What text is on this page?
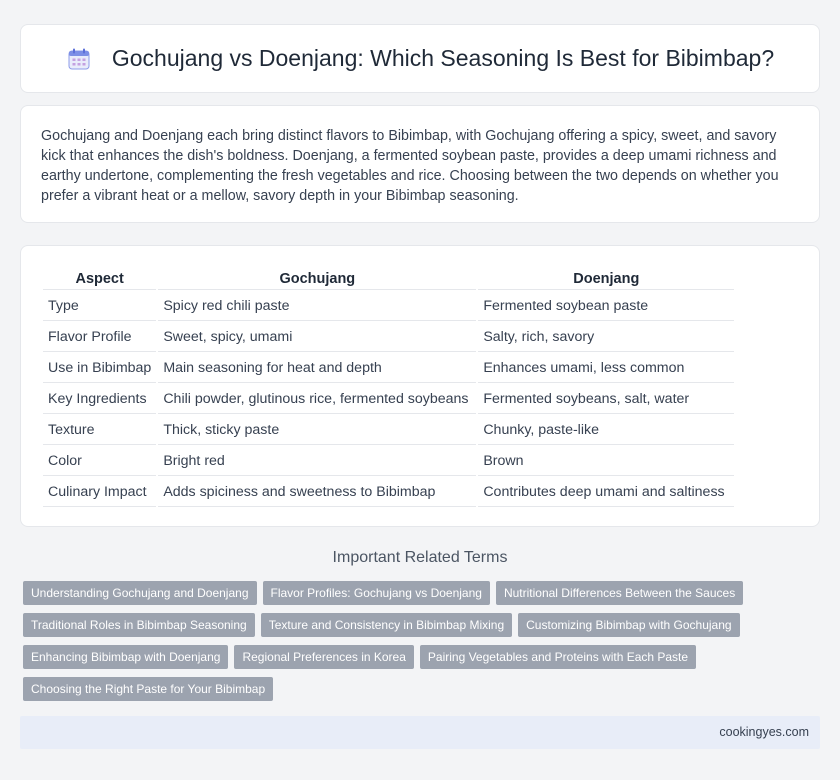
Gochujang vs Doenjang: Which Seasoning Is Best for Bibimbap?

Gochujang and Doenjang each bring distinct flavors to Bibimbap, with Gochujang offering a spicy, sweet, and savory kick that enhances the dish's boldness. Doenjang, a fermented soybean paste, provides a deep umami richness and earthy undertone, complementing the fresh vegetables and rice. Choosing between the two depends on whether you prefer a vibrant heat or a mellow, savory depth in your Bibimbap seasoning.

Aspect	Gochujang	Doenjang
Type	Spicy red chili paste	Fermented soybean paste
Flavor Profile	Sweet, spicy, umami	Salty, rich, savory
Use in Bibimbap	Main seasoning for heat and depth	Enhances umami, less common
Key Ingredients	Chili powder, glutinous rice, fermented soybeans	Fermented soybeans, salt, water
Texture	Thick, sticky paste	Chunky, paste-like
Color	Bright red	Brown
Culinary Impact	Adds spiciness and sweetness to Bibimbap	Contributes deep umami and saltiness
Important Related Terms
Understanding Gochujang and Doenjang	Flavor Profiles: Gochujang vs Doenjang	Nutritional Differences Between the Sauces
Traditional Roles in Bibimbap Seasoning	Texture and Consistency in Bibimbap Mixing	Customizing Bibimbap with Gochujang
Enhancing Bibimbap with Doenjang	Regional Preferences in Korea	Pairing Vegetables and Proteins with Each Paste
Choosing the Right Paste for Your Bibimbap
cookingyes.com
